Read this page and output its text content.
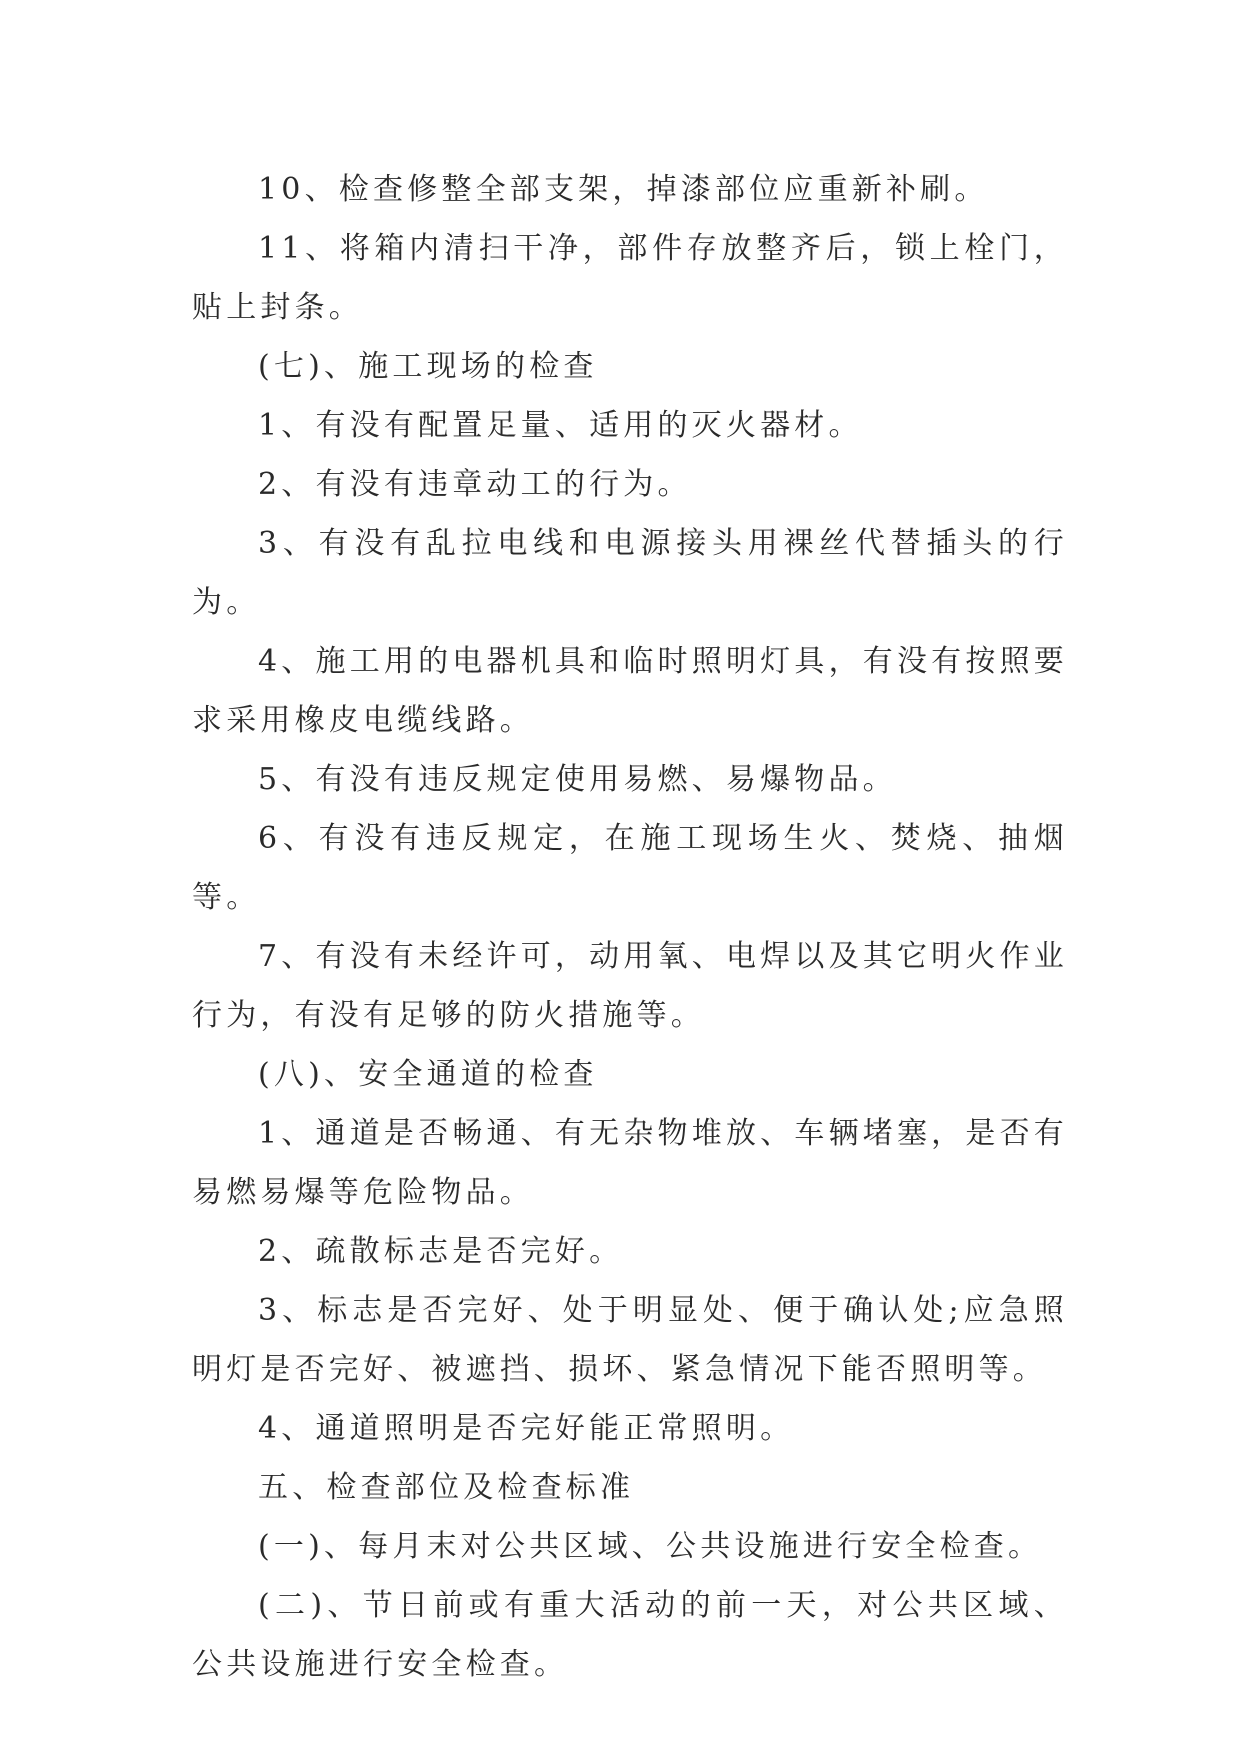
10、检查修整全部支架，掉漆部位应重新补刷。

11、将箱内清扫干净，部件存放整齐后，锁上栓门，贴上封条。

(七)、施工现场的检查

1、有没有配置足量、适用的灭火器材。

2、有没有违章动工的行为。

3、有没有乱拉电线和电源接头用裸丝代替插头的行为。

4、施工用的电器机具和临时照明灯具，有没有按照要求采用橡皮电缆线路。

5、有没有违反规定使用易燃、易爆物品。

6、有没有违反规定，在施工现场生火、焚烧、抽烟等。

7、有没有未经许可，动用氧、电焊以及其它明火作业行为，有没有足够的防火措施等。

(八)、安全通道的检查

1、通道是否畅通、有无杂物堆放、车辆堵塞，是否有易燃易爆等危险物品。

2、疏散标志是否完好。

3、标志是否完好、处于明显处、便于确认处;应急照明灯是否完好、被遮挡、损坏、紧急情况下能否照明等。

4、通道照明是否完好能正常照明。

五、检查部位及检查标准

(一)、每月末对公共区域、公共设施进行安全检查。

(二)、节日前或有重大活动的前一天，对公共区域、公共设施进行安全检查。
